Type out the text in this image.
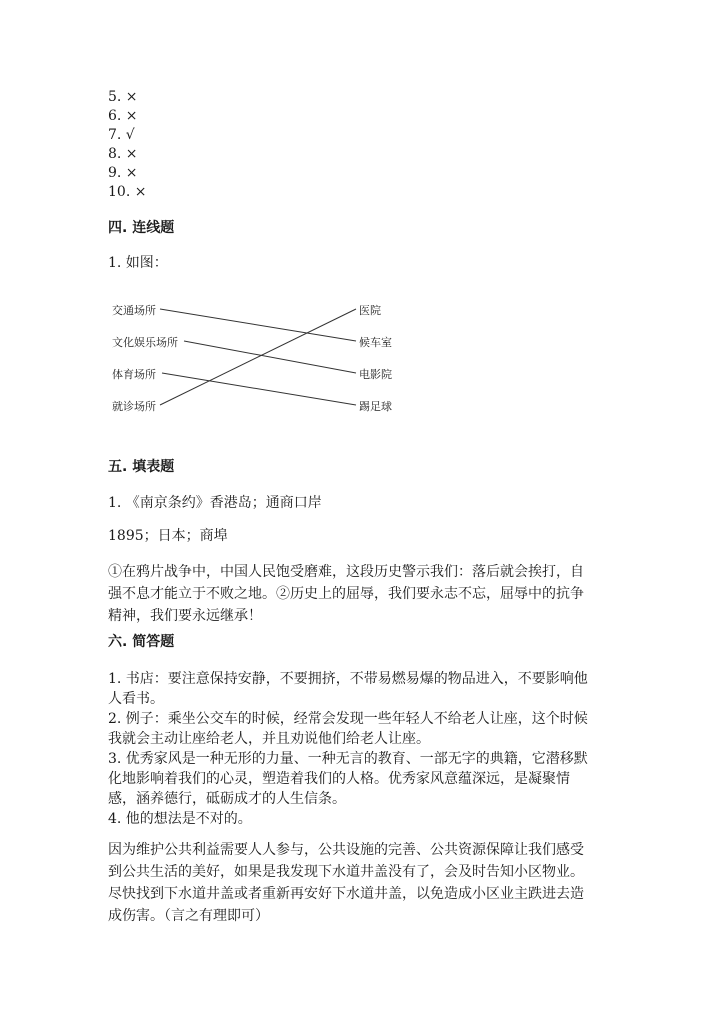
5. ×
6. ×
7. √
8. ×
9. ×
10. ×
四. 连线题
1. 如图：
交通场所
文化娱乐场所
体育场所
就诊场所
医院
候车室
电影院
踢足球
五. 填表题
1. 《南京条约》香港岛；通商口岸
1895；日本；商埠
①在鸦片战争中，中国人民饱受磨难，这段历史警示我们：落后就会挨打，自
强不息才能立于不败之地。②历史上的屈辱，我们要永志不忘，屈辱中的抗争
精神，我们要永远继承！
六. 简答题
1. 书店：要注意保持安静，不要拥挤，不带易燃易爆的物品进入，不要影响他
人看书。
2. 例子：乘坐公交车的时候，经常会发现一些年轻人不给老人让座，这个时候
我就会主动让座给老人，并且劝说他们给老人让座。
3. 优秀家风是一种无形的力量、一种无言的教育、一部无字的典籍，它潜移默
化地影响着我们的心灵，塑造着我们的人格。优秀家风意蕴深远，是凝聚情
感，涵养德行，砥砺成才的人生信条。
4. 他的想法是不对的。
因为维护公共利益需要人人参与，公共设施的完善、公共资源保障让我们感受
到公共生活的美好，如果是我发现下水道井盖没有了，会及时告知小区物业。
尽快找到下水道井盖或者重新再安好下水道井盖，以免造成小区业主跌进去造
成伤害。（言之有理即可）
